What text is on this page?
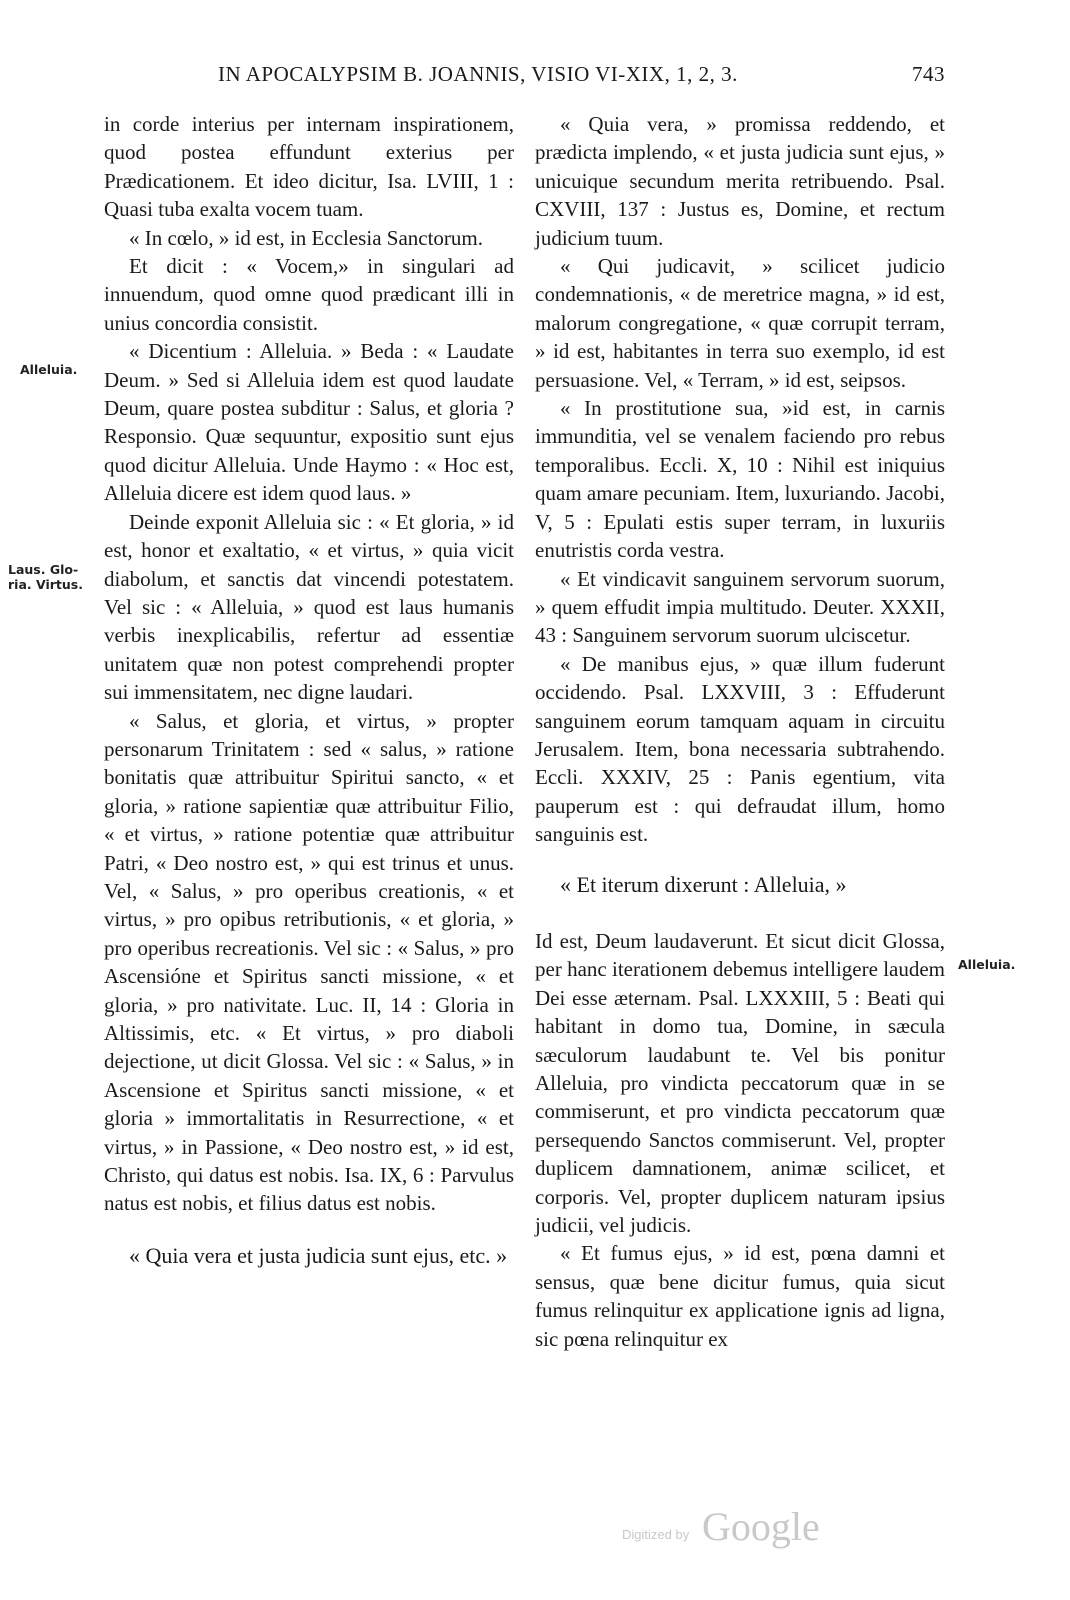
IN APOCALYPSIM B. JOANNIS, VISIO VI-XIX, 1, 2, 3.	743
Alleluia.
Laus. Glo-ria. Virtus.
Alleluia.

in corde interius per internam inspirationem, quod postea effundunt exterius per Prædicationem. Et ideo dicitur, Isa. LVIII, 1 : Quasi tuba exalta vocem tuam.

« In cœlo, » id est, in Ecclesia Sanctorum.

Et dicit : « Vocem,» in singulari ad innuendum, quod omne quod prædicant illi in unius concordia consistit.

« Dicentium : Alleluia. » Beda : « Laudate Deum. » Sed si Alleluia idem est quod laudate Deum, quare postea subditur : Salus, et gloria ? Responsio. Quæ sequuntur, expositio sunt ejus quod dicitur Alleluia. Unde Haymo : « Hoc est, Alleluia dicere est idem quod laus. »

Deinde exponit Alleluia sic : « Et gloria, » id est, honor et exaltatio, « et virtus, » quia vicit diabolum, et sanctis dat vincendi potestatem. Vel sic : « Alleluia, » quod est laus humanis verbis inexplicabilis, refertur ad essentiæ unitatem quæ non potest comprehendi propter sui immensitatem, nec digne laudari.

« Salus, et gloria, et virtus, » propter personarum Trinitatem : sed « salus, » ratione bonitatis quæ attribuitur Spiritui sancto, « et gloria, » ratione sapientiæ quæ attribuitur Filio, « et virtus, » ratione potentiæ quæ attribuitur Patri, « Deo nostro est, » qui est trinus et unus. Vel, « Salus, » pro operibus creationis, « et virtus, » pro opibus retributionis, « et gloria, » pro operibus recreationis. Vel sic : « Salus, » pro Ascensióne et Spiritus sancti missione, « et gloria, » pro nativitate. Luc. II, 14 : Gloria in Altissimis, etc. « Et virtus, » pro diaboli dejectione, ut dicit Glossa. Vel sic : « Salus, » in Ascensione et Spiritus sancti missione, « et gloria » immortalitatis in Resurrectione, « et virtus, » in Passione, « Deo nostro est, » id est, Christo, qui datus est nobis. Isa. IX, 6 : Parvulus natus est nobis, et filius datus est nobis.

« Quia vera et justa judicia sunt ejus, etc. »

« Quia vera, » promissa reddendo, et prædicta implendo, « et justa judicia sunt ejus, » unicuique secundum merita retribuendo. Psal. CXVIII, 137 : Justus es, Domine, et rectum judicium tuum.

« Qui judicavit, » scilicet judicio condemnationis, « de meretrice magna, » id est, malorum congregatione, « quæ corrupit terram, » id est, habitantes in terra suo exemplo, id est persuasione. Vel, « Terram, » id est, seipsos.

« In prostitutione sua, »id est, in carnis immunditia, vel se venalem faciendo pro rebus temporalibus. Eccli. X, 10 : Nihil est iniquius quam amare pecuniam. Item, luxuriando. Jacobi, V, 5 : Epulati estis super terram, in luxuriis enutristis corda vestra.

« Et vindicavit sanguinem servorum suorum, » quem effudit impia multitudo. Deuter. XXXII, 43 : Sanguinem servorum suorum ulciscetur.

« De manibus ejus, » quæ illum fuderunt occidendo. Psal. LXXVIII, 3 : Effuderunt sanguinem eorum tamquam aquam in circuitu Jerusalem. Item, bona necessaria subtrahendo. Eccli. XXXIV, 25 : Panis egentium, vita pauperum est : qui defraudat illum, homo sanguinis est.

« Et iterum dixerunt : Alleluia, »

Id est, Deum laudaverunt. Et sicut dicit Glossa, per hanc iterationem debemus intelligere laudem Dei esse æternam. Psal. LXXXIII, 5 : Beati qui habitant in domo tua, Domine, in sæcula sæculorum laudabunt te. Vel bis ponitur Alleluia, pro vindicta peccatorum quæ in se commiserunt, et pro vindicta peccatorum quæ persequendo Sanctos commiserunt. Vel, propter duplicem damnationem, animæ scilicet, et corporis. Vel, propter duplicem naturam ipsius judicii, vel judicis.

« Et fumus ejus, » id est, pœna damni et sensus, quæ bene dicitur fumus, quia sicut fumus relinquitur ex applicatione ignis ad ligna, sic pœna relinquitur ex

Digitized by Google
